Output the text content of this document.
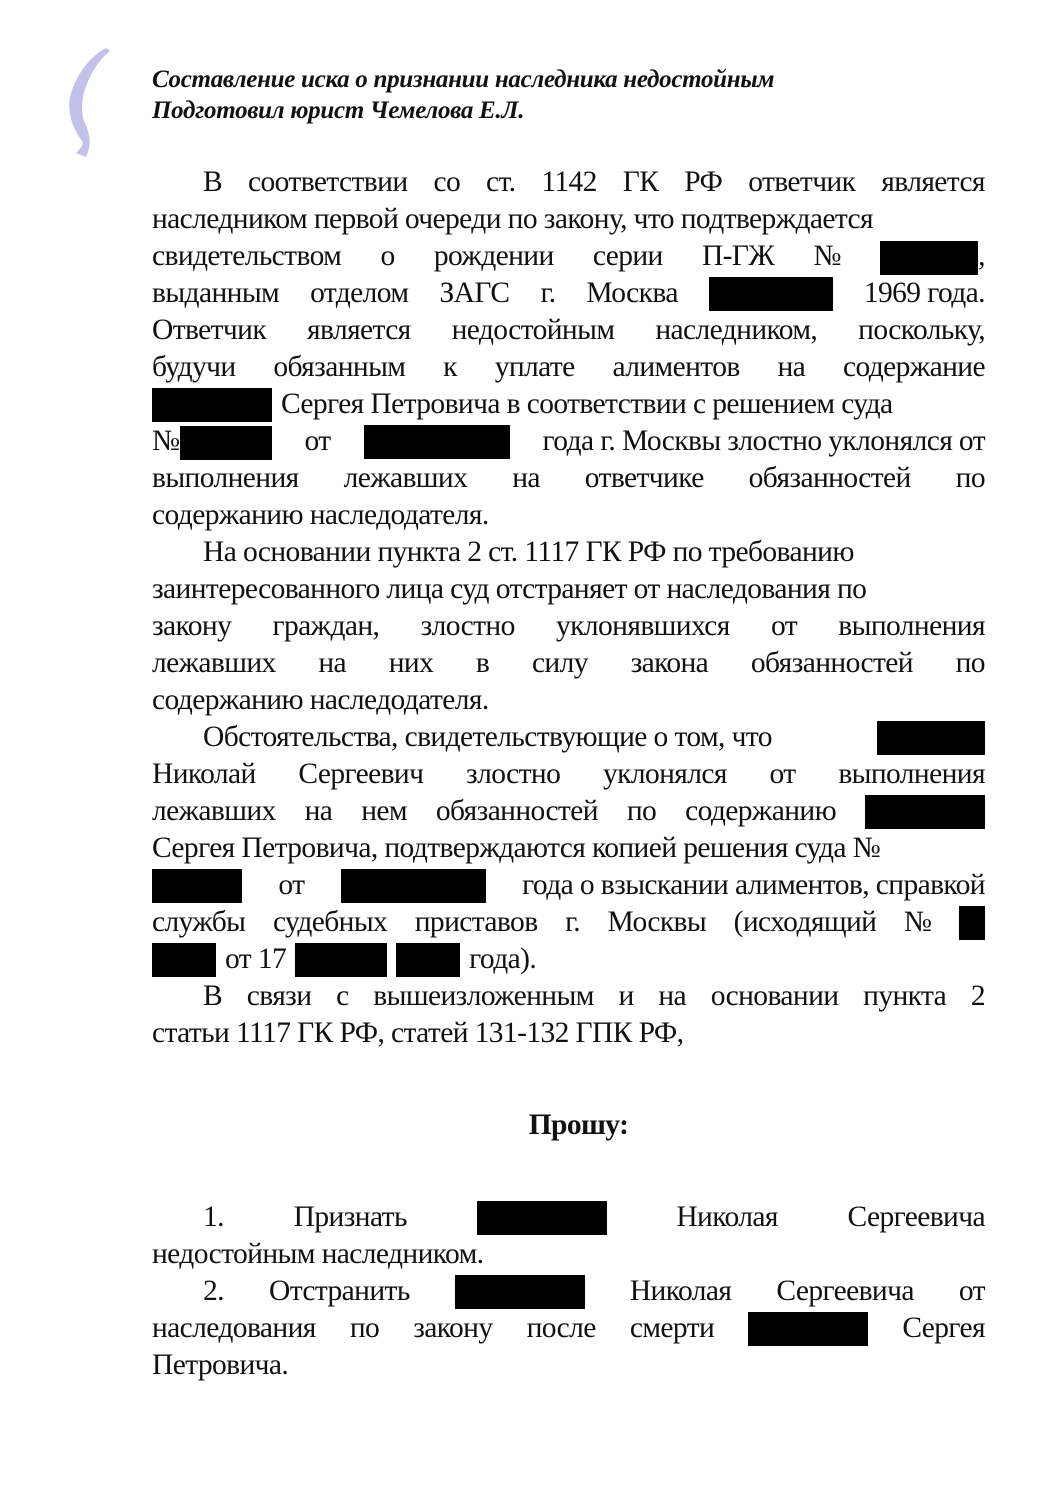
Составление иска о признании наследника недостойным
Подготовил юрист Чемелова Е.Л.
В соответствии со ст. 1142 ГК РФ ответчик является
наследником первой очереди по закону, что подтверждается
свидетельством о рождении серии П-ГЖ №	,
выданным отделом ЗАГС г. Москва	1969 года.
Ответчик является недостойным наследником, поскольку,
будучи обязанным к уплате алиментов на содержание
Сергея Петровича в соответствии с решением суда
№	от	года г. Москвы злостно уклонялся от
выполнения лежавших на ответчике обязанностей по
содержанию наследодателя.
На основании пункта 2 ст. 1117 ГК РФ по требованию
заинтересованного лица суд отстраняет от наследования по
закону граждан, злостно уклонявшихся от выполнения
лежавших на них в силу закона обязанностей по
содержанию наследодателя.
Обстоятельства, свидетельствующие о том, что
Николай Сергеевич злостно уклонялся от выполнения
лежавших на нем обязанностей по содержанию
Сергея Петровича, подтверждаются копией решения суда №
от	года о взыскании алиментов, справкой
службы судебных приставов г. Москвы (исходящий №
от 17	года).
В связи с вышеизложенным и на основании пункта 2
статьи 1117 ГК РФ, статей 131-132 ГПК РФ,
Прошу:
1. Признать	Николая Сергеевича
недостойным наследником.
2. Отстранить	Николая Сергеевича от
наследования по закону после смерти	Сергея
Петровича.
